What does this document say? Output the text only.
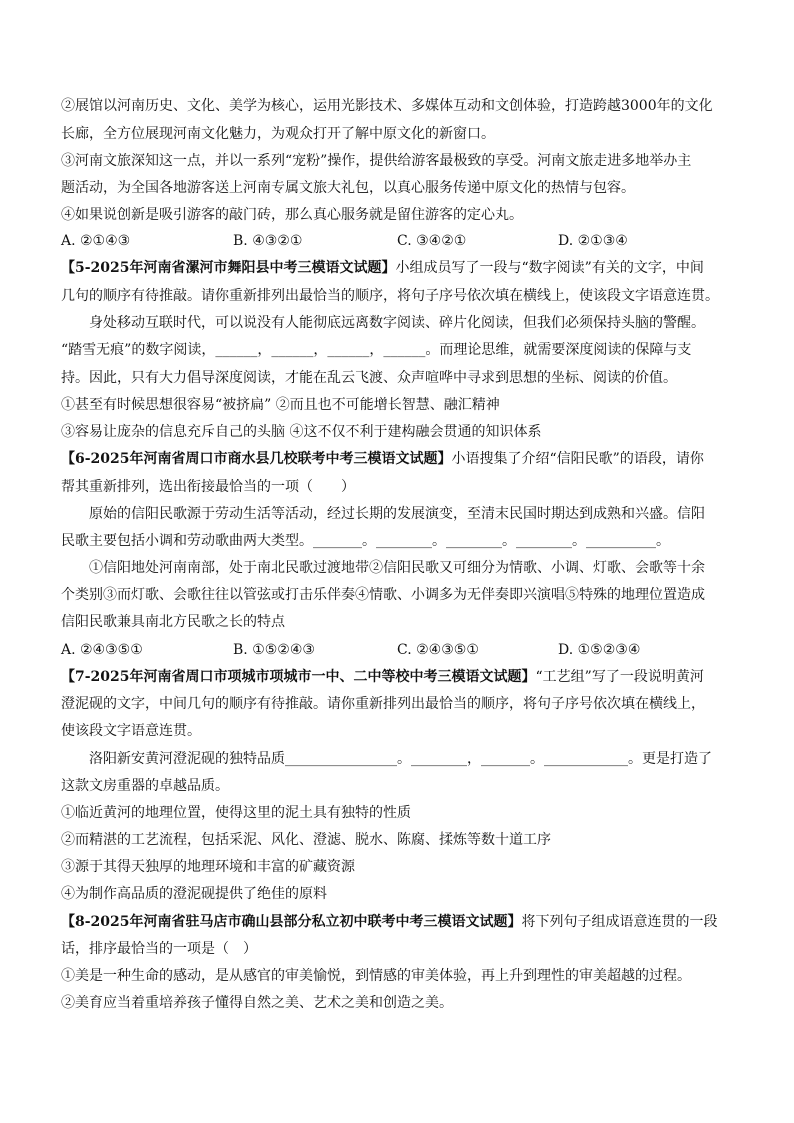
②展馆以河南历史、文化、美学为核心，运用光影技术、多媒体互动和文创体验，打造跨越3000年的文化
长廊，全方位展现河南文化魅力，为观众打开了解中原文化的新窗口。
③河南文旅深知这一点，并以一系列“宠粉”操作，提供给游客最极致的享受。河南文旅走进多地举办主
题活动，为全国各地游客送上河南专属文旅大礼包，以真心服务传递中原文化的热情与包容。
④如果说创新是吸引游客的敲门砖，那么真心服务就是留住游客的定心丸。
A. ②①④③	B. ④③②①	C. ③④②①	D. ②①③④
【5-2025年河南省漯河市舞阳县中考三模语文试题】小组成员写了一段与“数字阅读”有关的文字，中间
几句的顺序有待推敲。请你重新排列出最恰当的顺序，将句子序号依次填在横线上，使该段文字语意连贯。
身处移动互联时代，可以说没有人能彻底远离数字阅读、碎片化阅读，但我们必须保持头脑的警醒。
“踏雪无痕”的数字阅读，______，______，______，______。而理论思维，就需要深度阅读的保障与支
持。因此，只有大力倡导深度阅读，才能在乱云飞渡、众声喧哗中寻求到思想的坐标、阅读的价值。
①甚至有时候思想很容易“被挤扁” ②而且也不可能增长智慧、融汇精神
③容易让庞杂的信息充斥自己的头脑 ④这不仅不利于建构融会贯通的知识体系
【6-2025年河南省周口市商水县几校联考中考三模语文试题】小语搜集了介绍“信阳民歌”的语段，请你
帮其重新排列，选出衔接最恰当的一项（　　）
原始的信阳民歌源于劳动生活等活动，经过长期的发展演变，至清末民国时期达到成熟和兴盛。信阳
民歌主要包括小调和劳动歌曲两大类型。_______。________。________。________。__________。
①信阳地处河南南部，处于南北民歌过渡地带②信阳民歌又可细分为情歌、小调、灯歌、会歌等十余
个类别③而灯歌、会歌往往以管弦或打击乐伴奏④情歌、小调多为无伴奏即兴演唱⑤特殊的地理位置造成
信阳民歌兼具南北方民歌之长的特点
A. ②④③⑤①	B. ①⑤②④③	C. ②④③⑤①	D. ①⑤②③④
【7-2025年河南省周口市项城市项城市一中、二中等校中考三模语文试题】“工艺组”写了一段说明黄河
澄泥砚的文字，中间几句的顺序有待推敲。请你重新排列出最恰当的顺序，将句子序号依次填在横线上，
使该段文字语意连贯。
洛阳新安黄河澄泥砚的独特品质________________。________，_______。____________。更是打造了
这款文房重器的卓越品质。
①临近黄河的地理位置，使得这里的泥土具有独特的性质
②而精湛的工艺流程，包括采泥、风化、澄滤、脱水、陈腐、揉炼等数十道工序
③源于其得天独厚的地理环境和丰富的矿藏资源
④为制作高品质的澄泥砚提供了绝佳的原料
【8-2025年河南省驻马店市确山县部分私立初中联考中考三模语文试题】将下列句子组成语意连贯的一段
话，排序最恰当的一项是（　）
①美是一种生命的感动，是从感官的审美愉悦，到情感的审美体验，再上升到理性的审美超越的过程。
②美育应当着重培养孩子懂得自然之美、艺术之美和创造之美。
